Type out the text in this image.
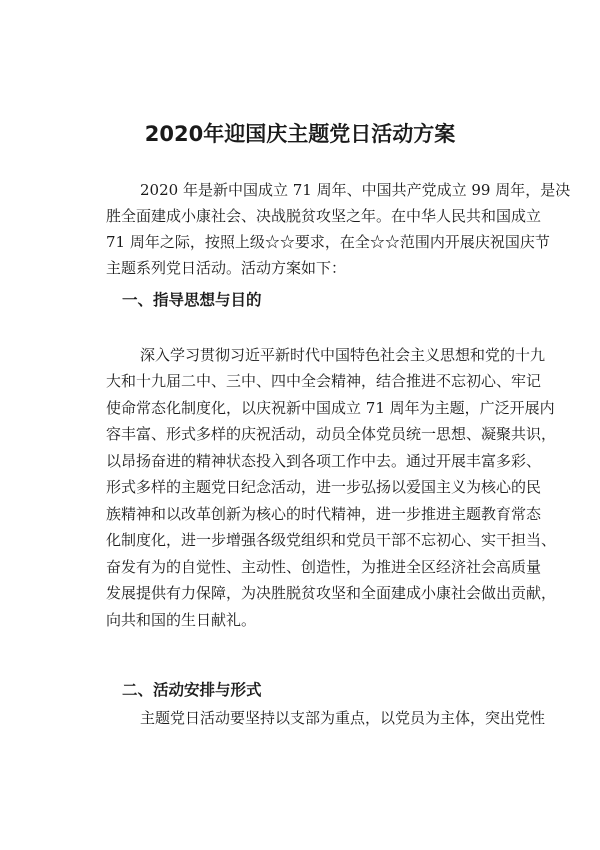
2020年迎国庆主题党日活动方案
2020 年是新中国成立 71 周年、中国共产党成立 99 周年，是决
胜全面建成小康社会、决战脱贫攻坚之年。在中华人民共和国成立
71 周年之际，按照上级☆☆要求，在全☆☆范围内开展庆祝国庆节
主题系列党日活动。活动方案如下：
一、指导思想与目的
深入学习贯彻习近平新时代中国特色社会主义思想和党的十九
大和十九届二中、三中、四中全会精神，结合推进不忘初心、牢记
使命常态化制度化，以庆祝新中国成立 71 周年为主题，广泛开展内
容丰富、形式多样的庆祝活动，动员全体党员统一思想、凝聚共识，
以昂扬奋进的精神状态投入到各项工作中去。通过开展丰富多彩、
形式多样的主题党日纪念活动，进一步弘扬以爱国主义为核心的民
族精神和以改革创新为核心的时代精神，进一步推进主题教育常态
化制度化，进一步增强各级党组织和党员干部不忘初心、实干担当、
奋发有为的自觉性、主动性、创造性，为推进全区经济社会高质量
发展提供有力保障，为决胜脱贫攻坚和全面建成小康社会做出贡献，
向共和国的生日献礼。
二、活动安排与形式
主题党日活动要坚持以支部为重点，以党员为主体，突出党性
